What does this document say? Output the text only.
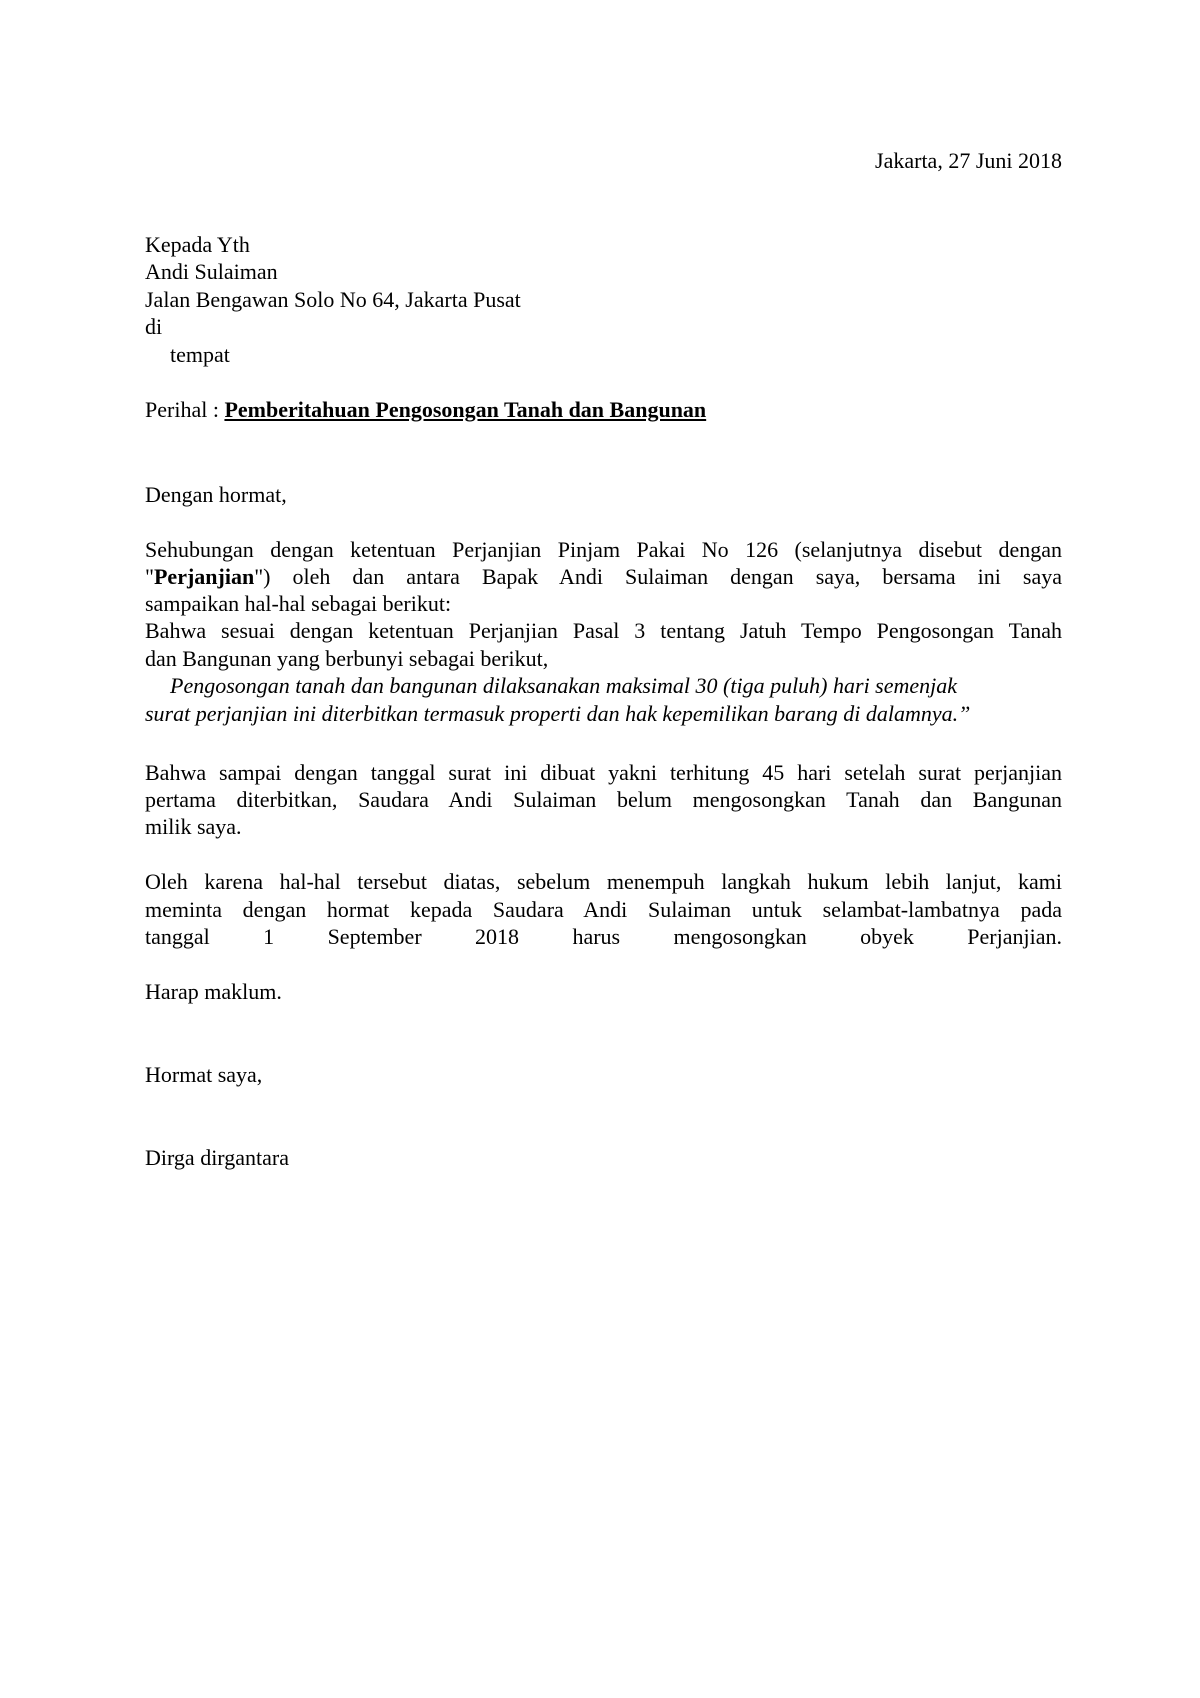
Jakarta, 27 Juni 2018
Kepada Yth
Andi Sulaiman
Jalan Bengawan Solo No 64, Jakarta Pusat
di
tempat
Perihal : Pemberitahuan Pengosongan Tanah dan Bangunan
Dengan hormat,
Sehubungan dengan ketentuan Perjanjian Pinjam Pakai No 126 (selanjutnya disebut dengan
"Perjanjian") oleh dan antara Bapak Andi Sulaiman dengan saya, bersama ini saya
sampaikan hal-hal sebagai berikut:
Bahwa sesuai dengan ketentuan Perjanjian Pasal 3 tentang Jatuh Tempo Pengosongan Tanah
dan Bangunan yang berbunyi sebagai berikut,
Pengosongan tanah dan bangunan dilaksanakan maksimal 30 (tiga puluh) hari semenjak
surat perjanjian ini diterbitkan termasuk properti dan hak kepemilikan barang di dalamnya.”
Bahwa sampai dengan tanggal surat ini dibuat yakni terhitung 45 hari setelah surat perjanjian
pertama diterbitkan, Saudara Andi Sulaiman belum mengosongkan Tanah dan Bangunan
milik saya.
Oleh karena hal-hal tersebut diatas, sebelum menempuh langkah hukum lebih lanjut, kami
meminta dengan hormat kepada Saudara Andi Sulaiman untuk selambat-lambatnya pada
tanggal 1 September 2018 harus mengosongkan obyek Perjanjian.
Harap maklum.
Hormat saya,
Dirga dirgantara
